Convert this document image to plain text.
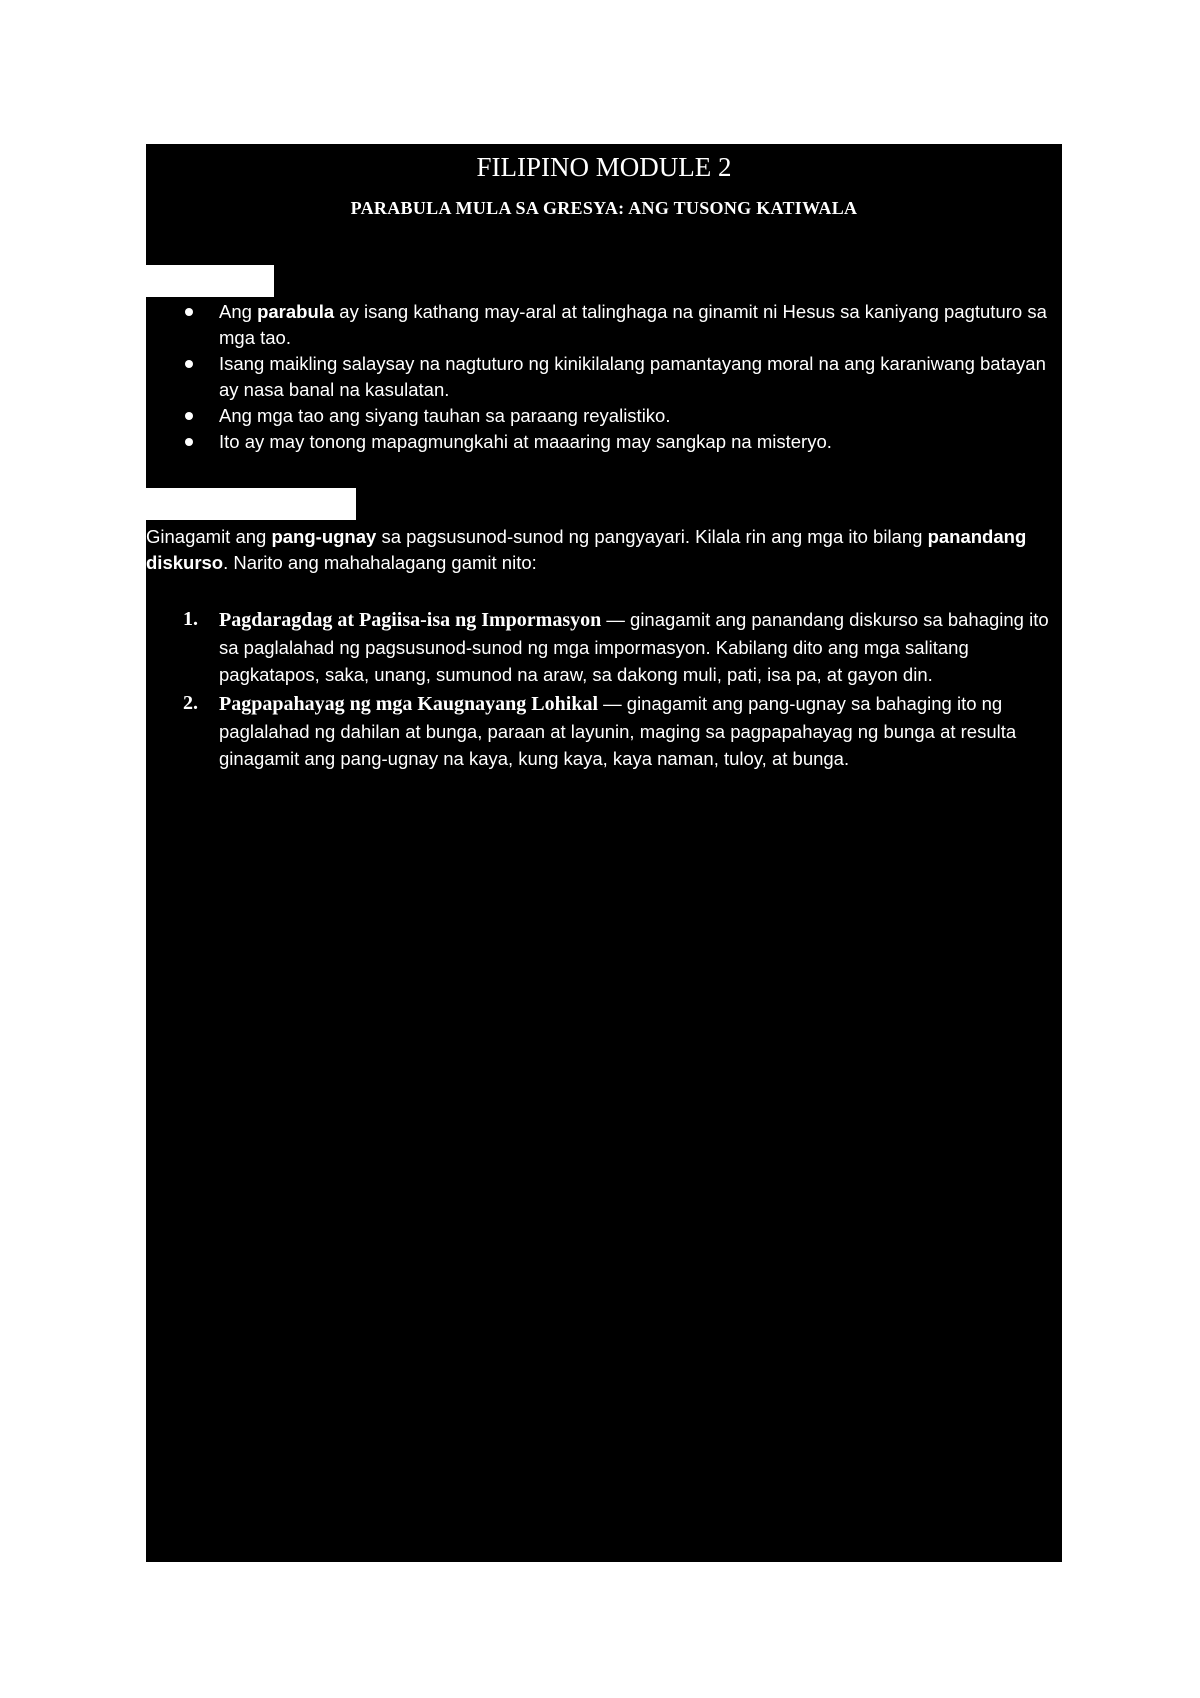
FILIPINO MODULE 2
PARABULA MULA SA GRESYA: ANG TUSONG KATIWALA
Ang parabula ay isang kathang may-aral at talinghaga na ginamit ni Hesus sa kaniyang pagtuturo sa mga tao.
Isang maikling salaysay na nagtuturo ng kinikilalang pamantayang moral na ang karaniwang batayan ay nasa banal na kasulatan.
Ang mga tao ang siyang tauhan sa paraang reyalistiko.
Ito ay may tonong mapagmungkahi at maaaring may sangkap na misteryo.

Ginagamit ang pang-ugnay sa pagsusunod-sunod ng pangyayari. Kilala rin ang mga ito bilang panandang diskurso. Narito ang mahahalagang gamit nito:

1. Pagdaragdag at Pagiisa-isa ng Impormasyon — ginagamit ang panandang diskurso sa bahaging ito sa paglalahad ng pagsusunod-sunod ng mga impormasyon. Kabilang dito ang mga salitang pagkatapos, saka, unang, sumunod na araw, sa dakong muli, pati, isa pa, at gayon din.
2. Pagpapahayag ng mga Kaugnayang Lohikal — ginagamit ang pang-ugnay sa bahaging ito ng paglalahad ng dahilan at bunga, paraan at layunin, maging sa pagpapahayag ng bunga at resulta ginagamit ang pang-ugnay na kaya, kung kaya, kaya naman, tuloy, at bunga.
